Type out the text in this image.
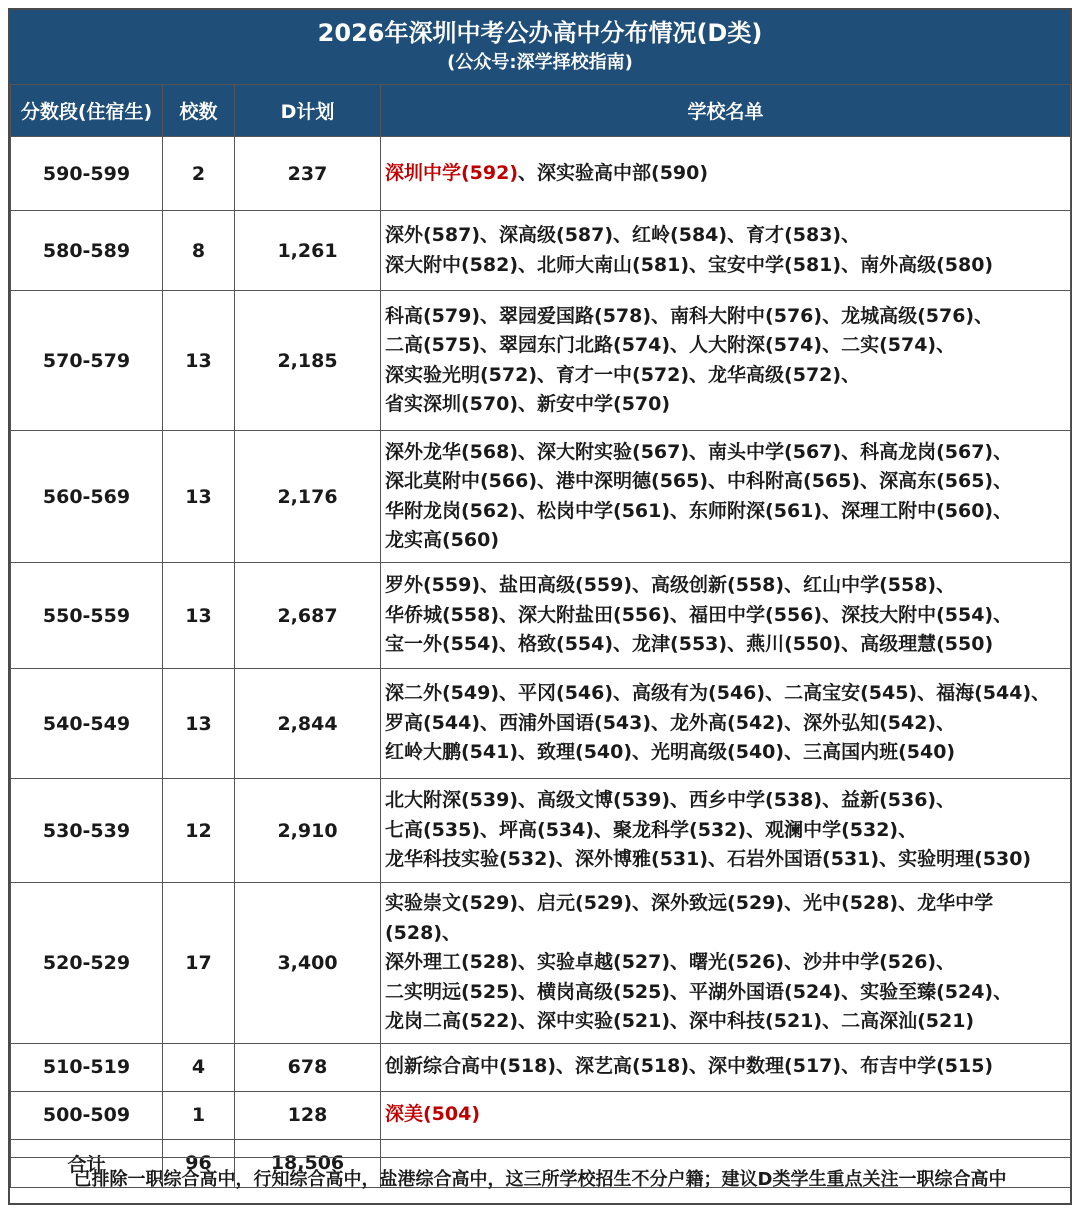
2026年深圳中考公办高中分布情况(D类)
(公众号:深学择校指南)
分数段(住宿生)	校数	D计划	学校名单
590-599	2	237	深圳中学(592)、深实验高中部(590)
580-589	8	1,261	深外(587)、深高级(587)、红岭(584)、育才(583)、
深大附中(582)、北师大南山(581)、宝安中学(581)、南外高级(580)
570-579	13	2,185	科高(579)、翠园爱国路(578)、南科大附中(576)、龙城高级(576)、
二高(575)、翠园东门北路(574)、人大附深(574)、二实(574)、
深实验光明(572)、育才一中(572)、龙华高级(572)、
省实深圳(570)、新安中学(570)
560-569	13	2,176	深外龙华(568)、深大附实验(567)、南头中学(567)、科高龙岗(567)、
深北莫附中(566)、港中深明德(565)、中科附高(565)、深高东(565)、
华附龙岗(562)、松岗中学(561)、东师附深(561)、深理工附中(560)、
龙实高(560)
550-559	13	2,687	罗外(559)、盐田高级(559)、高级创新(558)、红山中学(558)、
华侨城(558)、深大附盐田(556)、福田中学(556)、深技大附中(554)、
宝一外(554)、格致(554)、龙津(553)、燕川(550)、高级理慧(550)
540-549	13	2,844	深二外(549)、平冈(546)、高级有为(546)、二高宝安(545)、福海(544)、
罗高(544)、西浦外国语(543)、龙外高(542)、深外弘知(542)、
红岭大鹏(541)、致理(540)、光明高级(540)、三高国内班(540)
530-539	12	2,910	北大附深(539)、高级文博(539)、西乡中学(538)、益新(536)、
七高(535)、坪高(534)、聚龙科学(532)、观澜中学(532)、
龙华科技实验(532)、深外博雅(531)、石岩外国语(531)、实验明理(530)
520-529	17	3,400	实验崇文(529)、启元(529)、深外致远(529)、光中(528)、龙华中学(528)、
深外理工(528)、实验卓越(527)、曙光(526)、沙井中学(526)、
二实明远(525)、横岗高级(525)、平湖外国语(524)、实验至臻(524)、
龙岗二高(522)、深中实验(521)、深中科技(521)、二高深汕(521)
510-519	4	678	创新综合高中(518)、深艺高(518)、深中数理(517)、布吉中学(515)
500-509	1	128	深美(504)
合计	96	18,506	
已排除一职综合高中，行知综合高中，盐港综合高中，这三所学校招生不分户籍；建议D类学生重点关注一职综合高中
